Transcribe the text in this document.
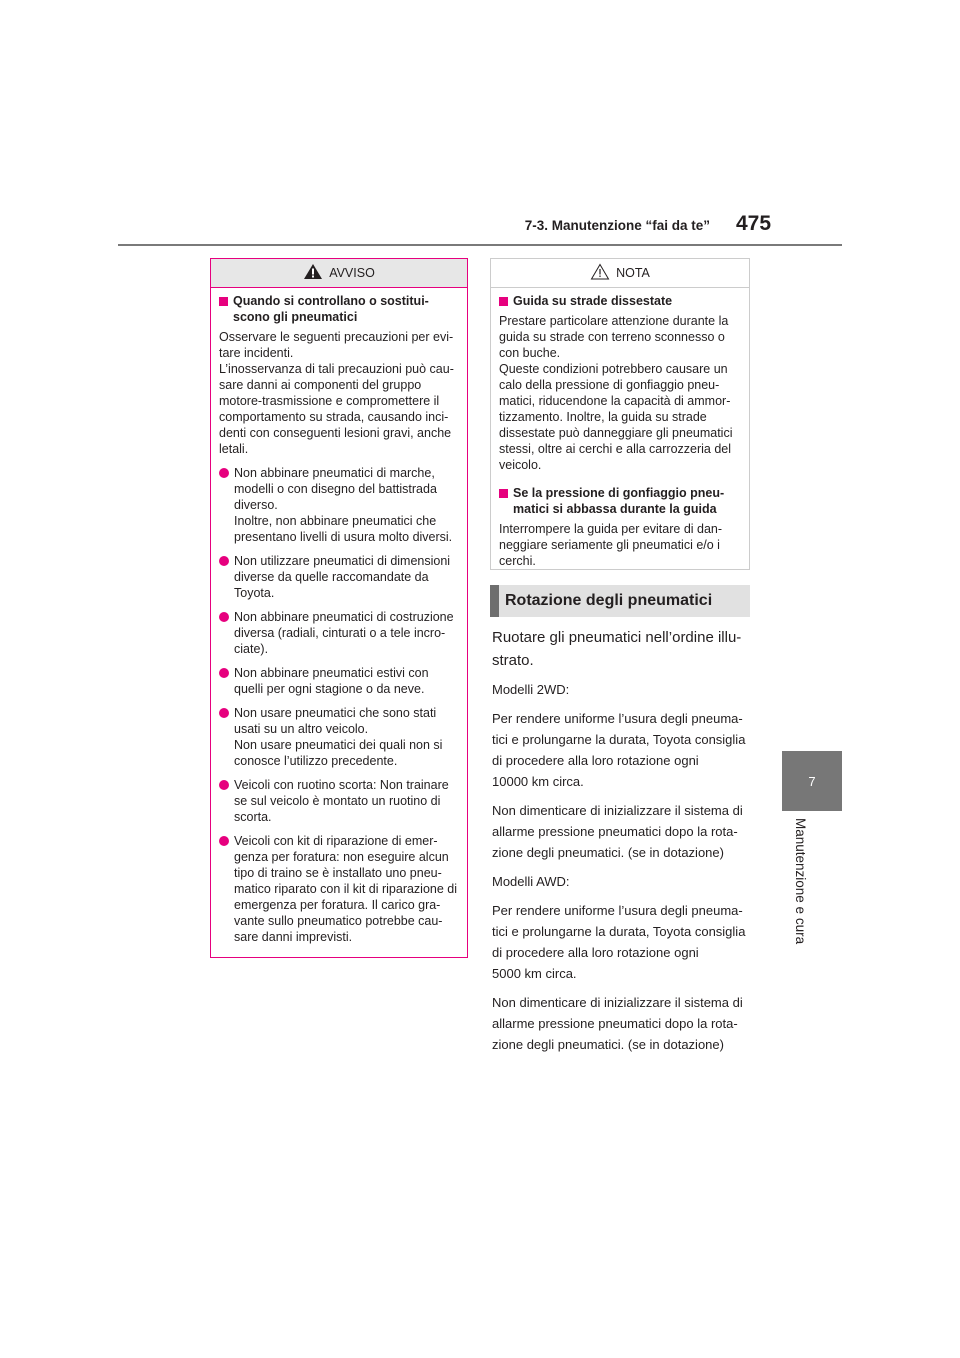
7-3. Manutenzione “fai da te” 475
7
Manutenzione e cura
AVVISO
Quando si controllano o sostitui-
scono gli pneumatici

Osservare le seguenti precauzioni per evi-
tare incidenti.
L’inosservanza di tali precauzioni può cau-
sare danni ai componenti del gruppo
motore-trasmissione e compromettere il
comportamento su strada, causando inci-
denti con conseguenti lesioni gravi, anche
letali.

Non abbinare pneumatici di marche,
modelli o con disegno del battistrada
diverso.
Inoltre, non abbinare pneumatici che
presentano livelli di usura molto diversi.
Non utilizzare pneumatici di dimensioni
diverse da quelle raccomandate da
Toyota.
Non abbinare pneumatici di costruzione
diversa (radiali, cinturati o a tele incro-
ciate).
Non abbinare pneumatici estivi con
quelli per ogni stagione o da neve.
Non usare pneumatici che sono stati
usati su un altro veicolo.
Non usare pneumatici dei quali non si
conosce l’utilizzo precedente.
Veicoli con ruotino scorta: Non trainare
se sul veicolo è montato un ruotino di
scorta.
Veicoli con kit di riparazione di emer-
genza per foratura: non eseguire alcun
tipo di traino se è installato uno pneu-
matico riparato con il kit di riparazione di
emergenza per foratura. Il carico gra-
vante sullo pneumatico potrebbe cau-
sare danni imprevisti.
NOTA
Guida su strade dissestate

Prestare particolare attenzione durante la
guida su strade con terreno sconnesso o
con buche.
Queste condizioni potrebbero causare un
calo della pressione di gonfiaggio pneu-
matici, riducendone la capacità di ammor-
tizzamento. Inoltre, la guida su strade
dissestate può danneggiare gli pneumatici
stessi, oltre ai cerchi e alla carrozzeria del
veicolo.

Se la pressione di gonfiaggio pneu-
matici si abbassa durante la guida

Interrompere la guida per evitare di dan-
neggiare seriamente gli pneumatici e/o i
cerchi.

Rotazione degli pneumatici

Ruotare gli pneumatici nell’ordine illu-
strato.

Modelli 2WD:

Per rendere uniforme l’usura degli pneuma-
tici e prolungarne la durata, Toyota consiglia
di procedere alla loro rotazione ogni
10000 km circa.

Non dimenticare di inizializzare il sistema di
allarme pressione pneumatici dopo la rota-
zione degli pneumatici. (se in dotazione)

Modelli AWD:

Per rendere uniforme l’usura degli pneuma-
tici e prolungarne la durata, Toyota consiglia
di procedere alla loro rotazione ogni
5000 km circa.

Non dimenticare di inizializzare il sistema di
allarme pressione pneumatici dopo la rota-
zione degli pneumatici. (se in dotazione)
